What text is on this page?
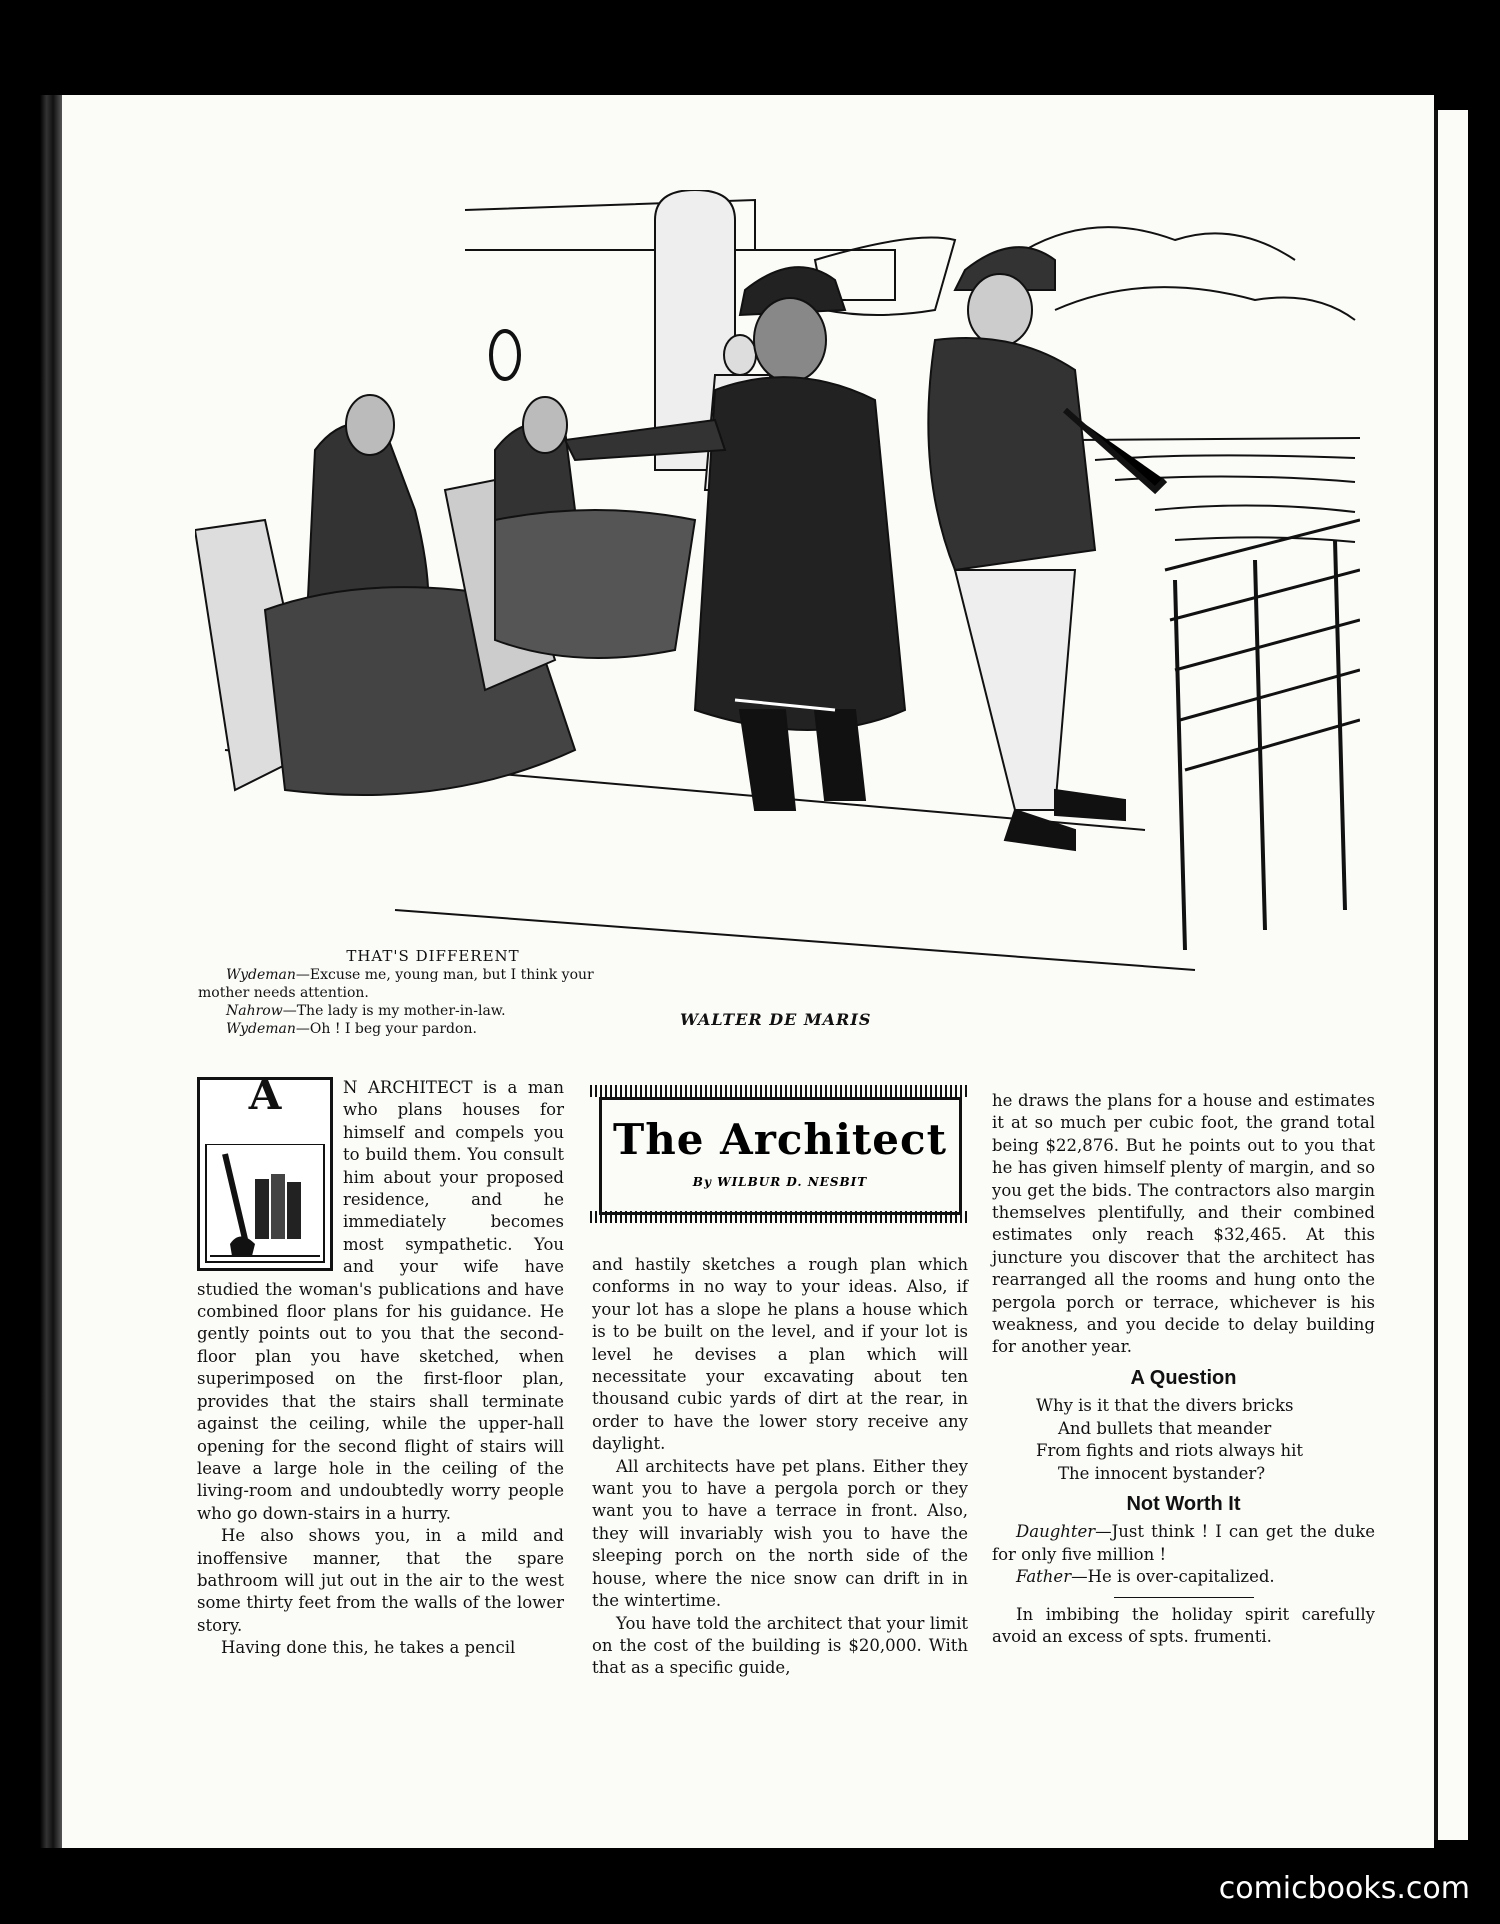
THAT'S DIFFERENT

Wydeman—Excuse me, young man, but I think your

mother needs attention.

Nahrow—The lady is my mother-in-law.

Wydeman—Oh ! I beg your pardon.	WALTER DE MARIS
A	N ARCHITECT is a man who plans houses for himself and compels you to build them. You consult him about your proposed residence, and he immediately becomes most sympathetic. You and your wife have studied the woman's publications and have combined floor plans for his guidance. He gently points out to you that the second-floor plan you have sketched, when superimposed on the first-floor plan, provides that the stairs shall terminate against the ceiling, while the upper-hall opening for the second flight of stairs will leave a large hole in the ceiling of the living-room and undoubtedly worry people who go down-stairs in a hurry.

He also shows you, in a mild and inoffensive manner, that the spare bathroom will jut out in the air to the west some thirty feet from the walls of the lower story.

Having done this, he takes a pencil

The Architect
By WILBUR D. NESBIT

and hastily sketches a rough plan which conforms in no way to your ideas. Also, if your lot has a slope he plans a house which is to be built on the level, and if your lot is level he devises a plan which will necessitate your excavating about ten thousand cubic yards of dirt at the rear, in order to have the lower story receive any daylight.

All architects have pet plans. Either they want you to have a pergola porch or they want you to have a terrace in front. Also, they will invariably wish you to have the sleeping porch on the north side of the house, where the nice snow can drift in in the wintertime.

You have told the architect that your limit on the cost of the building is $20,000. With that as a specific guide,

he draws the plans for a house and estimates it at so much per cubic foot, the grand total being $22,876. But he points out to you that he has given himself plenty of margin, and so you get the bids. The contractors also margin themselves plentifully, and their combined estimates only reach $32,465. At this juncture you discover that the architect has rearranged all the rooms and hung onto the pergola porch or terrace, whichever is his weakness, and you decide to delay building for another year.

A Question

Why is it that the divers bricks

And bullets that meander

From fights and riots always hit

The innocent bystander?

Not Worth It

Daughter—Just think ! I can get the duke for only five million !

Father—He is over-capitalized.

In imbibing the holiday spirit carefully avoid an excess of spts. frumenti.

comicbooks.com
